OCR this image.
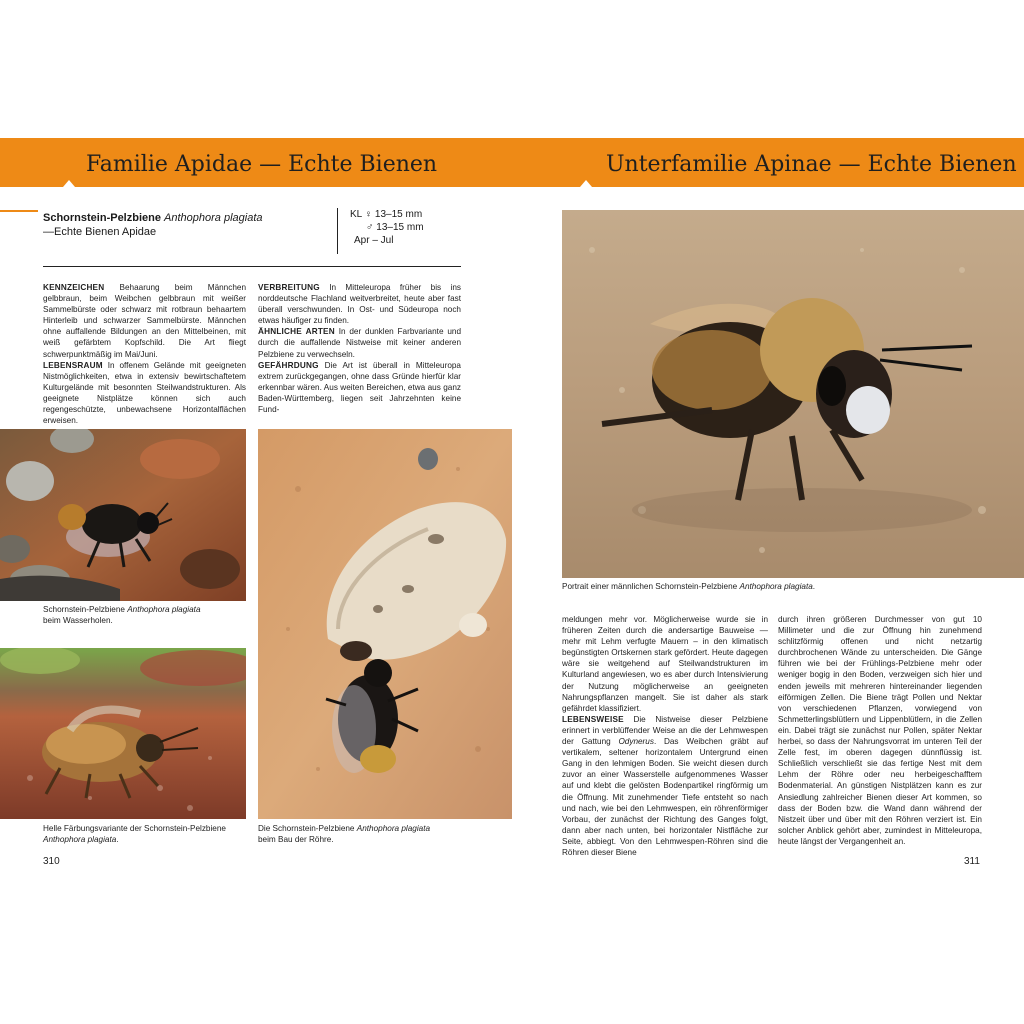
Familie Apidae — Echte Bienen	Unterfamilie Apinae — Echte Bienen
Schornstein-Pelzbiene Anthophora plagiata
—Echte Bienen Apidae
KL ♀ 13–15 mm
♂ 13–15 mm
Apr – Jul

KENNZEICHEN Behaarung beim Männchen gelbbraun, beim Weibchen gelbbraun mit weißer Sammelbürste oder schwarz mit rotbraun behaartem Hinterleib und schwarzer Sammelbürste. Männchen ohne auffallende Bildungen an den Mittelbeinen, mit weiß gefärbtem Kopfschild. Die Art fliegt schwerpunktmäßig im Mai/Juni.

LEBENSRAUM In offenem Gelände mit geeigneten Nistmöglichkeiten, etwa in extensiv bewirtschaftetem Kulturgelände mit besonnten Steilwandstrukturen. Als geeignete Nistplätze können sich auch regengeschützte, unbewachsene Horizontalflächen erweisen.

VERBREITUNG In Mitteleuropa früher bis ins norddeutsche Flachland weitverbreitet, heute aber fast überall verschwunden. In Ost- und Südeuropa noch etwas häufiger zu finden.

ÄHNLICHE ARTEN In der dunklen Farbvariante und durch die auffallende Nistweise mit keiner anderen Pelzbiene zu verwechseln.

GEFÄHRDUNG Die Art ist überall in Mitteleuropa extrem zurückgegangen, ohne dass Gründe hierfür klar erkennbar wären. Aus weiten Bereichen, etwa aus ganz Baden-Württemberg, liegen seit Jahrzehnten keine Fund-

Schornstein-Pelzbiene Anthophora plagiata
beim Wasserholen.
Helle Färbungsvariante der Schornstein-Pelzbiene
Anthophora plagiata.
Die Schornstein-Pelzbiene Anthophora plagiata
beim Bau der Röhre.
Portrait einer männlichen Schornstein-Pelzbiene Anthophora plagiata.

meldungen mehr vor. Möglicherweise wurde sie in früheren Zeiten durch die andersartige Bauweise — mehr mit Lehm verfugte Mauern – in den klimatisch begünstigten Ortskernen stark gefördert. Heute dagegen wäre sie weitgehend auf Steilwandstrukturen im Kulturland angewiesen, wo es aber durch Intensivierung der Nutzung möglicherweise an geeigneten Nahrungspflanzen mangelt. Sie ist daher als stark gefährdet klassifiziert.

LEBENSWEISE Die Nistweise dieser Pelzbiene erinnert in verblüffender Weise an die der Lehmwespen der Gattung Odynerus. Das Weibchen gräbt auf vertikalem, seltener horizontalem Untergrund einen Gang in den lehmigen Boden. Sie weicht diesen durch zuvor an einer Wasserstelle aufgenommenes Wasser auf und klebt die gelösten Bodenpartikel ringförmig um die Öffnung. Mit zunehmender Tiefe entsteht so nach und nach, wie bei den Lehmwespen, ein röhrenförmiger Vorbau, der zunächst der Richtung des Ganges folgt, dann aber nach unten, bei horizontaler Nistfläche zur Seite, abbiegt. Von den Lehmwespen-Röhren sind die Röhren dieser Biene

durch ihren größeren Durchmesser von gut 10 Millimeter und die zur Öffnung hin zunehmend schlitzförmig offenen und nicht netzartig durchbrochenen Wände zu unterscheiden. Die Gänge führen wie bei der Frühlings-Pelzbiene mehr oder weniger bogig in den Boden, verzweigen sich hier und enden jeweils mit mehreren hintereinander liegenden eiförmigen Zellen. Die Biene trägt Pollen und Nektar von verschiedenen Pflanzen, vorwiegend von Schmetterlingsblütlern und Lippenblütlern, in die Zellen ein. Dabei trägt sie zunächst nur Pollen, später Nektar herbei, so dass der Nahrungsvorrat im unteren Teil der Zelle fest, im oberen dagegen dünnflüssig ist. Schließlich verschließt sie das fertige Nest mit dem Lehm der Röhre oder neu herbeigeschafftem Bodenmaterial. An günstigen Nistplätzen kann es zur Ansiedlung zahlreicher Bienen dieser Art kommen, so dass der Boden bzw. die Wand dann während der Nistzeit über und über mit den Röhren verziert ist. Ein solcher Anblick gehört aber, zumindest in Mitteleuropa, heute längst der Vergangenheit an.

310	311
